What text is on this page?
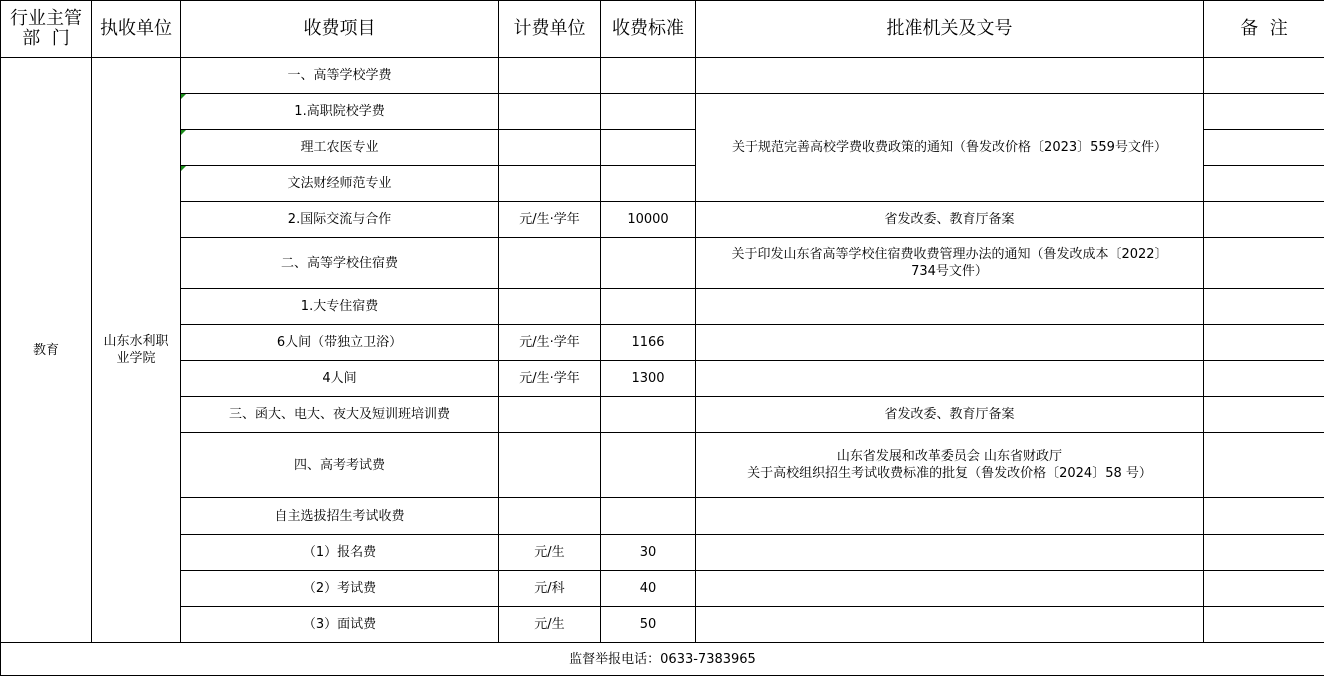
行业主管
部  门	执收单位	收费项目	计费单位	收费标准	批准机关及文号	备  注
教育	山东水利职业学院	一、高等学校学费				
		1.高职院校学费			关于规范完善高校学费收费政策的通知（鲁发改价格〔2023〕559号文件）	
		理工农医专业				
		文法财经师范专业				
		2.国际交流与合作	元/生·学年	10000	省发改委、教育厅备案	
		二、高等学校住宿费			关于印发山东省高等学校住宿费收费管理办法的通知（鲁发改成本〔2022〕
734号文件）	
		1.大专住宿费				
		6人间（带独立卫浴）	元/生·学年	1166		
		4人间	元/生·学年	1300		
		三、函大、电大、夜大及短训班培训费			省发改委、教育厅备案	
		四、高考考试费			山东省发展和改革委员会 山东省财政厅
关于高校组织招生考试收费标准的批复（鲁发改价格〔2024〕58 号）	
		自主选拔招生考试收费				
		（1）报名费	元/生	30		
		（2）考试费	元/科	40		
		（3）面试费	元/生	50		
监督举报电话：0633-7383965						
